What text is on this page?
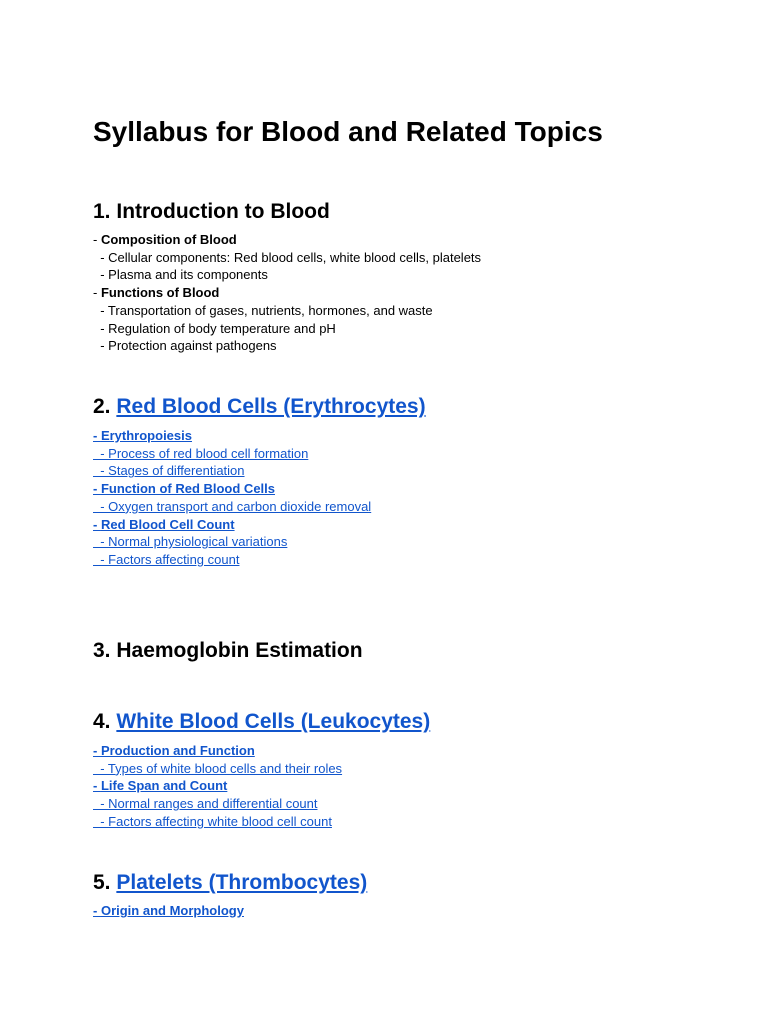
Syllabus for Blood and Related Topics
1. Introduction to Blood
- Composition of Blood
- Cellular components: Red blood cells, white blood cells, platelets
- Plasma and its components
- Functions of Blood
- Transportation of gases, nutrients, hormones, and waste
- Regulation of body temperature and pH
- Protection against pathogens
2. Red Blood Cells (Erythrocytes)
- Erythropoiesis
- Process of red blood cell formation
- Stages of differentiation
- Function of Red Blood Cells
- Oxygen transport and carbon dioxide removal
- Red Blood Cell Count
- Normal physiological variations
- Factors affecting count
3. Haemoglobin Estimation
4. White Blood Cells (Leukocytes)
- Production and Function
- Types of white blood cells and their roles
- Life Span and Count
- Normal ranges and differential count
- Factors affecting white blood cell count
5. Platelets (Thrombocytes)
- Origin and Morphology
